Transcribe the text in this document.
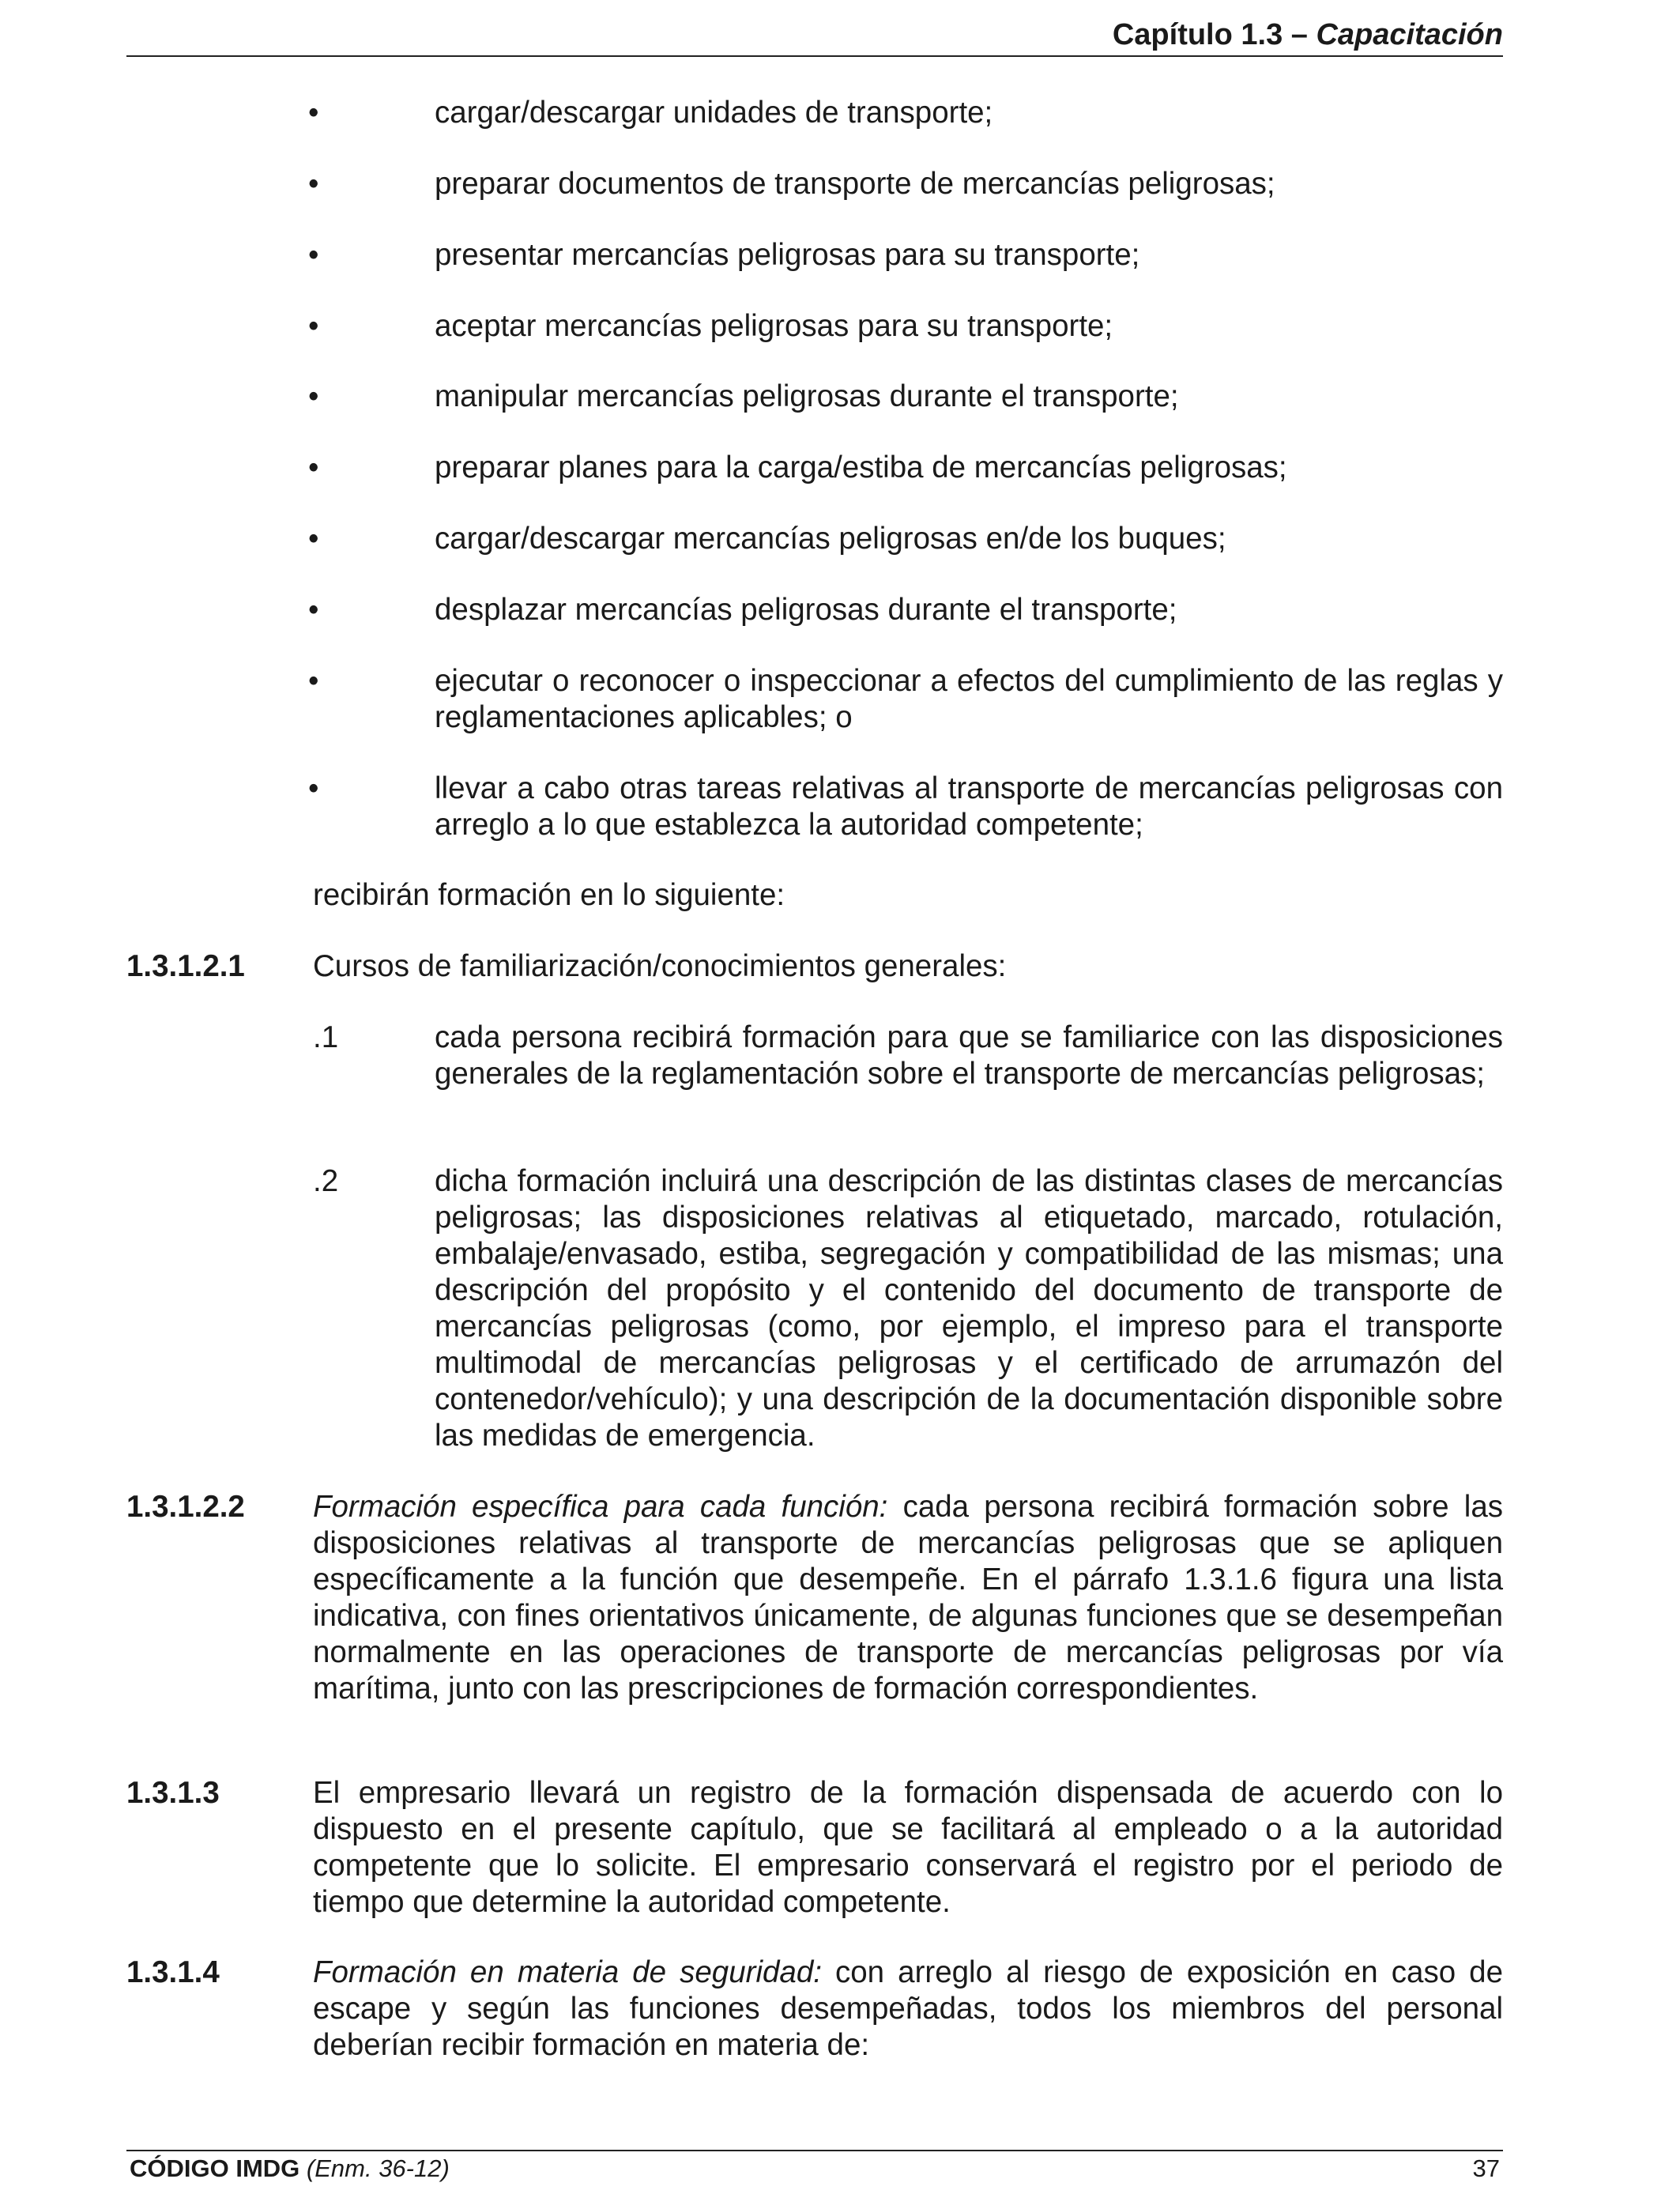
Capítulo 1.3 – Capacitación
•	cargar/descargar unidades de transporte;
•	preparar documentos de transporte de mercancías peligrosas;
•	presentar mercancías peligrosas para su transporte;
•	aceptar mercancías peligrosas para su transporte;
•	manipular mercancías peligrosas durante el transporte;
•	preparar planes para la carga/estiba de mercancías peligrosas;
•	cargar/descargar mercancías peligrosas en/de los buques;
•	desplazar mercancías peligrosas durante el transporte;
•	ejecutar o reconocer o inspeccionar a efectos del cumplimiento de las reglas y reglamentaciones aplicables; o
•	llevar a cabo otras tareas relativas al transporte de mercancías peligrosas con arreglo a lo que establezca la autoridad competente;
recibirán formación en lo siguiente:
1.3.1.2.1 Cursos de familiarización/conocimientos generales:
.1	cada persona recibirá formación para que se familiarice con las disposiciones generales de la reglamentación sobre el transporte de mercancías peligrosas;
.2	dicha formación incluirá una descripción de las distintas clases de mercancías peligrosas; las disposiciones relativas al etiquetado, marcado, rotulación, embalaje/envasado, estiba, segregación y compatibilidad de las mismas; una descripción del propósito y el contenido del documento de transporte de mercancías peligrosas (como, por ejemplo, el impreso para el transporte multimodal de mercancías peligrosas y el certificado de arrumazón del contenedor/vehículo); y una descripción de la documentación disponible sobre las medidas de emergencia.
1.3.1.2.2 Formación específica para cada función: cada persona recibirá formación sobre las disposiciones relativas al transporte de mercancías peligrosas que se apliquen específicamente a la función que desempeñe. En el párrafo 1.3.1.6 figura una lista indicativa, con fines orientativos únicamente, de algunas funciones que se desempeñan normalmente en las operaciones de transporte de mercancías peligrosas por vía marítima, junto con las prescripciones de formación correspondientes.
1.3.1.3	El empresario llevará un registro de la formación dispensada de acuerdo con lo dispuesto en el presente capítulo, que se facilitará al empleado o a la autoridad competente que lo solicite. El empresario conservará el registro por el periodo de tiempo que determine la autoridad competente.
1.3.1.4	Formación en materia de seguridad: con arreglo al riesgo de exposición en caso de escape y según las funciones desempeñadas, todos los miembros del personal deberían recibir formación en materia de:
CÓDIGO IMDG (Enm. 36-12)	37
